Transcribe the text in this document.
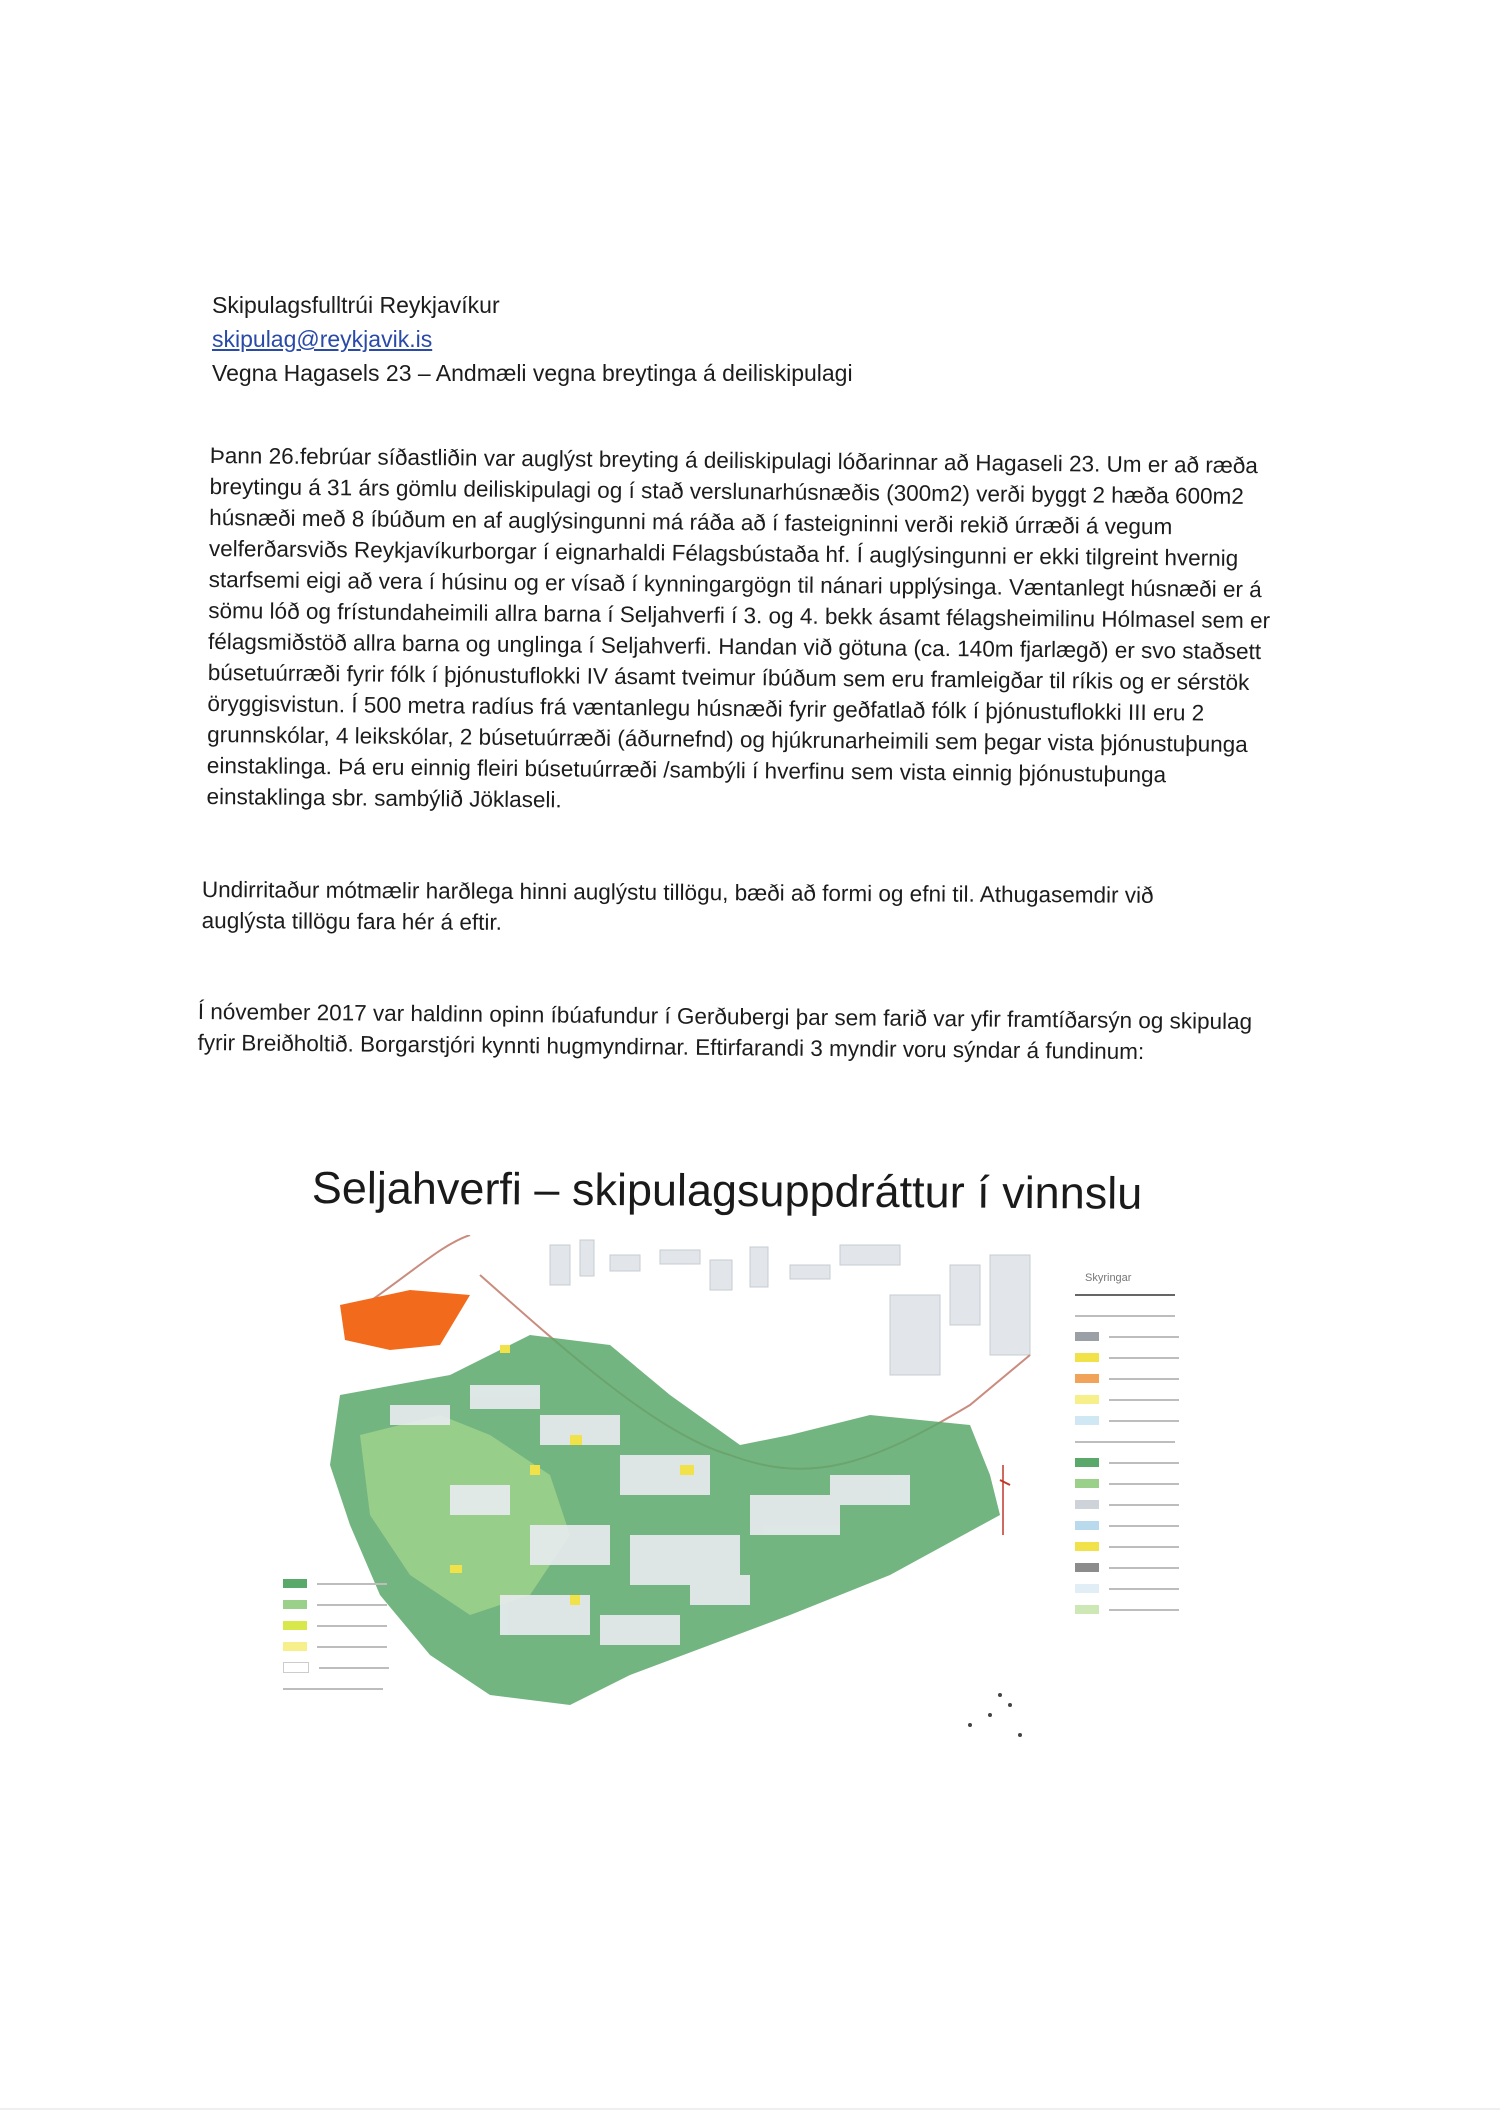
Skipulagsfulltrúi Reykjavíkur
skipulag@reykjavik.is
Vegna Hagasels 23 – Andmæli vegna breytinga á deiliskipulagi

Þann 26.febrúar síðastliðin var auglýst breyting á deiliskipulagi lóðarinnar að Hagaseli 23. Um er að ræða

breytingu á 31 árs gömlu deiliskipulagi og í stað verslunarhúsnæðis (300m2) verði byggt 2 hæða 600m2

húsnæði með 8 íbúðum en af auglýsingunni má ráða að í fasteigninni verði rekið úrræði á vegum

velferðarsviðs Reykjavíkurborgar í eignarhaldi Félagsbústaða hf. Í auglýsingunni er ekki tilgreint hvernig

starfsemi eigi að vera í húsinu og er vísað í kynningargögn til nánari upplýsinga. Væntanlegt húsnæði er á

sömu lóð og frístundaheimili allra barna í Seljahverfi í 3. og 4. bekk ásamt félagsheimilinu Hólmasel sem er

félagsmiðstöð allra barna og unglinga í Seljahverfi. Handan við götuna (ca. 140m fjarlægð) er svo staðsett

búsetuúrræði fyrir fólk í þjónustuflokki IV ásamt tveimur íbúðum sem eru framleigðar til ríkis og er sérstök

öryggisvistun. Í 500 metra radíus frá væntanlegu húsnæði fyrir geðfatlað fólk í þjónustuflokki III eru 2

grunnskólar, 4 leikskólar, 2 búsetuúrræði (áðurnefnd) og hjúkrunarheimili sem þegar vista þjónustuþunga

einstaklinga. Þá eru einnig fleiri búsetuúrræði /sambýli í hverfinu sem vista einnig þjónustuþunga

einstaklinga sbr. sambýlið Jöklaseli.

Undirritaður mótmælir harðlega hinni auglýstu tillögu, bæði að formi og efni til. Athugasemdir við

auglýsta tillögu fara hér á eftir.

Í nóvember 2017 var haldinn opinn íbúafundur í Gerðubergi þar sem farið var yfir framtíðarsýn og skipulag

fyrir Breiðholtið. Borgarstjóri kynnti hugmyndirnar. Eftirfarandi 3 myndir voru sýndar á fundinum:

Seljahverfi – skipulagsuppdráttur í vinnslu
Skyringar
